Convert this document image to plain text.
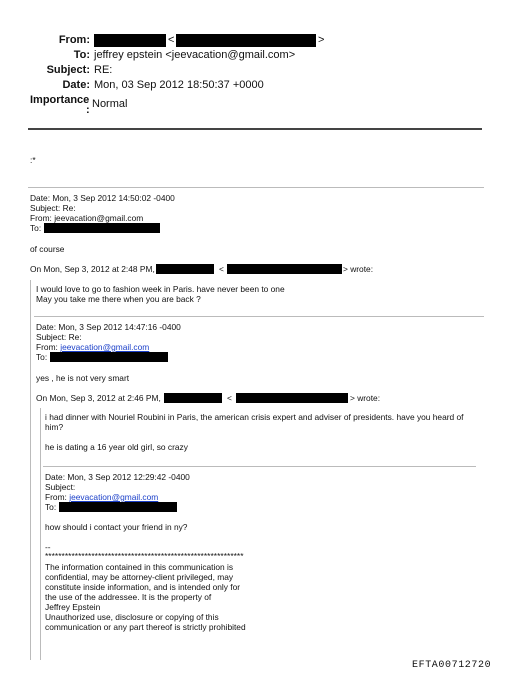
From:	<	>
To: jeffrey epstein <jeevacation@gmail.com>
Subject: RE:
Date: Mon, 03 Sep 2012 18:50:37 +0000
Importance
: Normal
:*
Date: Mon, 3 Sep 2012 14:50:02 -0400
Subject: Re:
From: jeevacation@gmail.com
To:
of course
On Mon, Sep 3, 2012 at 2:48 PM,	<	> wrote:
I would love to go to fashion week in Paris. have never been to one
May you take me there when you are back ?
Date: Mon, 3 Sep 2012 14:47:16 -0400
Subject: Re:
From: jeevacation@gmail.com
To:
yes , he is not very smart
On Mon, Sep 3, 2012 at 2:46 PM,	<	> wrote:
i had dinner with Nouriel Roubini in Paris, the american crisis expert and adviser of presidents. have you heard of
him?
he is dating a 16 year old girl, so crazy
Date: Mon, 3 Sep 2012 12:29:42 -0400
Subject:
From: jeevacation@gmail.com
To:
how should i contact your friend in ny?
--
************************************************************
The information contained in this communication is
confidential, may be attorney-client privileged, may
constitute inside information, and is intended only for
the use of the addressee. It is the property of
Jeffrey Epstein
Unauthorized use, disclosure or copying of this
communication or any part thereof is strictly prohibited
EFTA00712720
